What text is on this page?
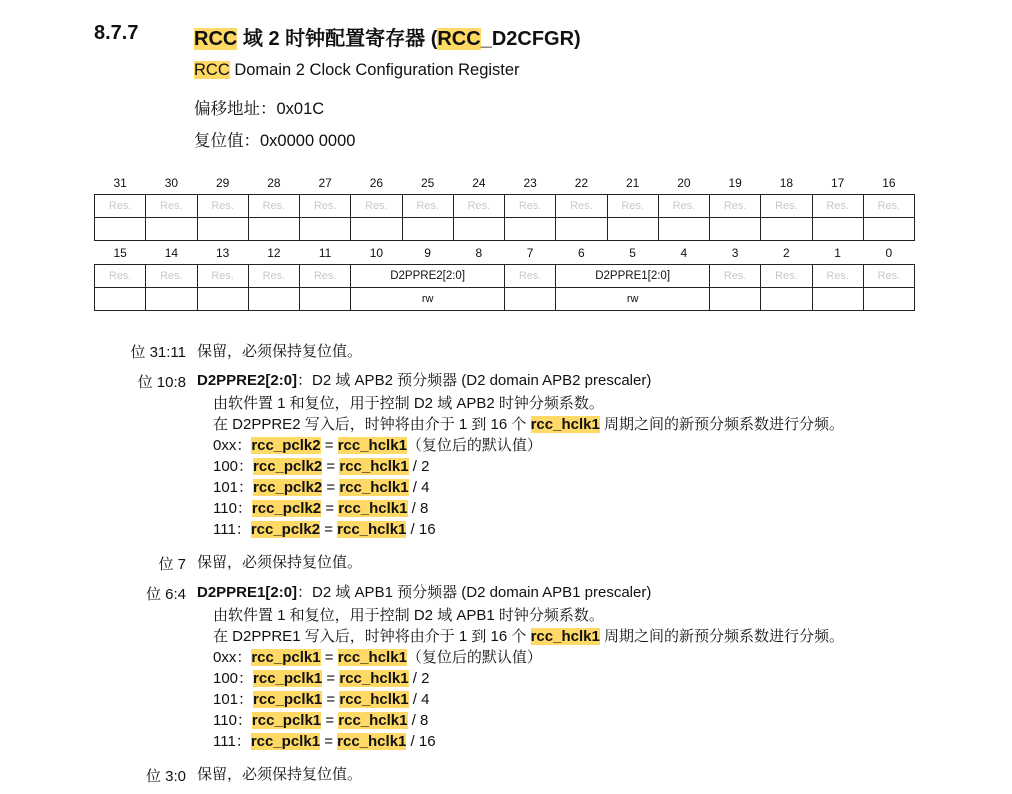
8.7.7	RCC 域 2 时钟配置寄存器 (RCC_D2CFGR)
RCC Domain 2 Clock Configuration Register
偏移地址：0x01C
复位值：0x0000 0000
31	30	29	28	27	26	25	24	23	22	21	20	19	18	17	16
Res.	Res.	Res.	Res.	Res.	Res.	Res.	Res.	Res.	Res.	Res.	Res.	Res.	Res.	Res.	Res.

15	14	13	12	11	10	9	8	7	6	5	4	3	2	1	0
Res.	Res.	Res.	Res.	Res.	D2PPRE2[2:0]			Res.	D2PPRE1[2:0]			Res.	Res.	Res.	Res.
					rw				rw						
位 31:11 保留，必须保持复位值。
位 10:8 D2PPRE2[2:0]：D2 域 APB2 预分频器 (D2 domain APB2 prescaler)
由软件置 1 和复位，用于控制 D2 域 APB2 时钟分频系数。
在 D2PPRE2 写入后，时钟将由介于 1 到 16 个 rcc_hclk1 周期之间的新预分频系数进行分频。
0xx：rcc_pclk2 = rcc_hclk1（复位后的默认值）
100：rcc_pclk2 = rcc_hclk1 / 2
101：rcc_pclk2 = rcc_hclk1 / 4
110：rcc_pclk2 = rcc_hclk1 / 8
111：rcc_pclk2 = rcc_hclk1 / 16
位 7 保留，必须保持复位值。
位 6:4 D2PPRE1[2:0]：D2 域 APB1 预分频器 (D2 domain APB1 prescaler)
由软件置 1 和复位，用于控制 D2 域 APB1 时钟分频系数。
在 D2PPRE1 写入后，时钟将由介于 1 到 16 个 rcc_hclk1 周期之间的新预分频系数进行分频。
0xx：rcc_pclk1 = rcc_hclk1（复位后的默认值）
100：rcc_pclk1 = rcc_hclk1 / 2
101：rcc_pclk1 = rcc_hclk1 / 4
110：rcc_pclk1 = rcc_hclk1 / 8
111：rcc_pclk1 = rcc_hclk1 / 16
位 3:0 保留，必须保持复位值。
